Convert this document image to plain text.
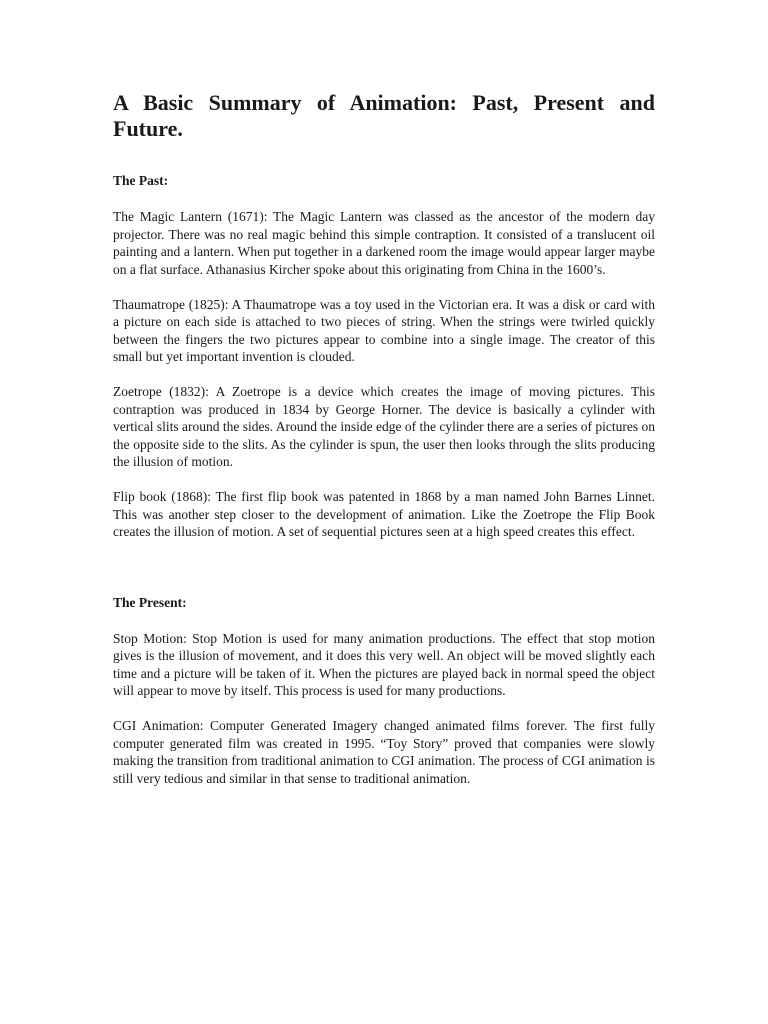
A Basic Summary of Animation: Past, Present and Future.
The Past:

The Magic Lantern (1671): The Magic Lantern was classed as the ancestor of the modern day projector. There was no real magic behind this simple contraption. It consisted of a translucent oil painting and a lantern. When put together in a darkened room the image would appear larger maybe on a flat surface. Athanasius Kircher spoke about this originating from China in the 1600’s.

Thaumatrope (1825): A Thaumatrope was a toy used in the Victorian era. It was a disk or card with a picture on each side is attached to two pieces of string. When the strings were twirled quickly between the fingers the two pictures appear to combine into a single image. The creator of this small but yet important invention is clouded.

Zoetrope (1832): A Zoetrope is a device which creates the image of moving pictures. This contraption was produced in 1834 by George Horner. The device is basically a cylinder with vertical slits around the sides. Around the inside edge of the cylinder there are a series of pictures on the opposite side to the slits. As the cylinder is spun, the user then looks through the slits producing the illusion of motion.

Flip book (1868): The first flip book was patented in 1868 by a man named John Barnes Linnet. This was another step closer to the development of animation. Like the Zoetrope the Flip Book creates the illusion of motion. A set of sequential pictures seen at a high speed creates this effect.

The Present:

Stop Motion: Stop Motion is used for many animation productions. The effect that stop motion gives is the illusion of movement, and it does this very well. An object will be moved slightly each time and a picture will be taken of it. When the pictures are played back in normal speed the object will appear to move by itself. This process is used for many productions.

CGI Animation: Computer Generated Imagery changed animated films forever. The first fully computer generated film was created in 1995. “Toy Story” proved that companies were slowly making the transition from traditional animation to CGI animation. The process of CGI animation is still very tedious and similar in that sense to traditional animation.
